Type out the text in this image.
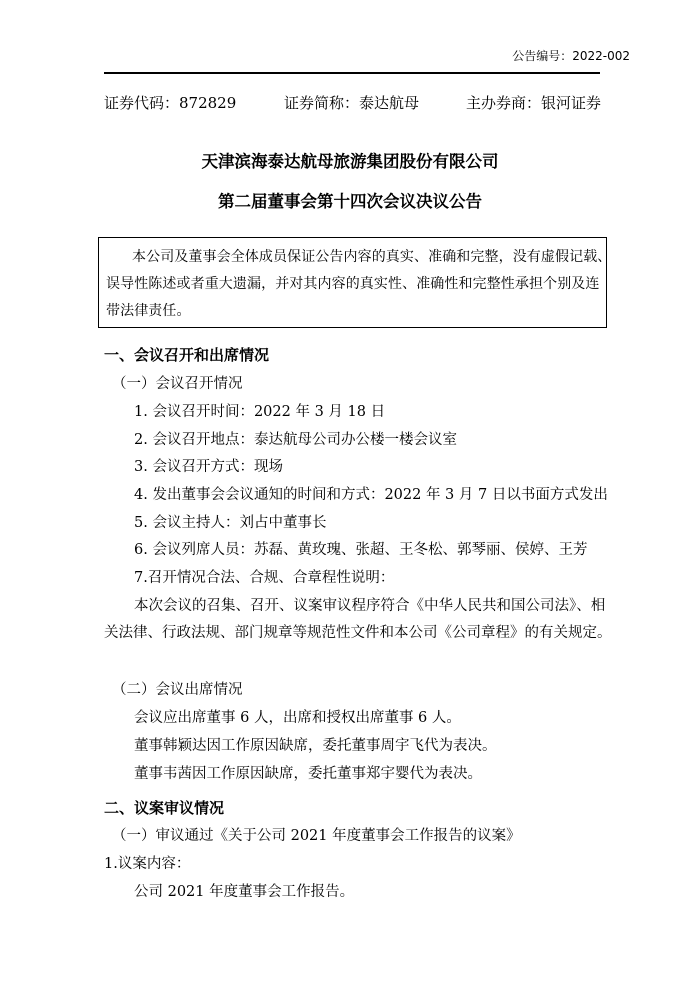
公告编号：2022-002
证券代码：872829	证券简称：泰达航母	主办券商：银河证券
天津滨海泰达航母旅游集团股份有限公司
第二届董事会第十四次会议决议公告
本公司及董事会全体成员保证公告内容的真实、准确和完整，没有虚假记载、
误导性陈述或者重大遗漏，并对其内容的真实性、准确性和完整性承担个别及连
带法律责任。
一、会议召开和出席情况
（一）会议召开情况
1. 会议召开时间：2022 年 3 月 18 日
2. 会议召开地点：泰达航母公司办公楼一楼会议室
3. 会议召开方式：现场
4. 发出董事会会议通知的时间和方式：2022 年 3 月 7 日以书面方式发出
5. 会议主持人：刘占中董事长
6. 会议列席人员：苏磊、黄玫瑰、张超、王冬松、郭琴丽、侯婷、王芳
7.召开情况合法、合规、合章程性说明：
本次会议的召集、召开、议案审议程序符合《中华人民共和国公司法》、相
关法律、行政法规、部门规章等规范性文件和本公司《公司章程》的有关规定。
（二）会议出席情况
会议应出席董事 6 人，出席和授权出席董事 6 人。
董事韩颖达因工作原因缺席，委托董事周宇飞代为表决。
董事韦茜因工作原因缺席，委托董事郑宇婴代为表决。
二、议案审议情况
（一）审议通过《关于公司 2021 年度董事会工作报告的议案》
1.议案内容：
公司 2021 年度董事会工作报告。
